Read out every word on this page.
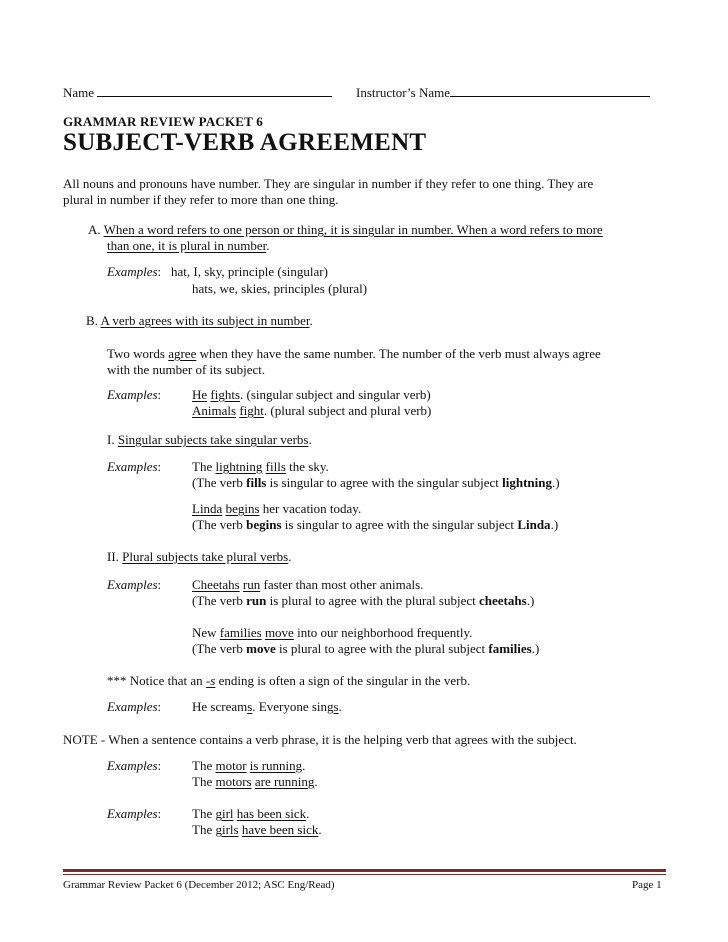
Name	Instructor’s Name
GRAMMAR REVIEW PACKET 6
SUBJECT-VERB AGREEMENT
All nouns and pronouns have number. They are singular in number if they refer to one thing. They are
plural in number if they refer to more than one thing.
A. When a word refers to one person or thing, it is singular in number. When a word refers to more
than one, it is plural in number.
Examples: hat, I, sky, principle (singular)
hats, we, skies, principles (plural)
B. A verb agrees with its subject in number.
Two words agree when they have the same number. The number of the verb must always agree
with the number of its subject.
Examples: He fights. (singular subject and singular verb)
Animals fight. (plural subject and plural verb)
I. Singular subjects take singular verbs.
Examples: The lightning fills the sky.
(The verb fills is singular to agree with the singular subject lightning.)
Linda begins her vacation today.
(The verb begins is singular to agree with the singular subject Linda.)
II. Plural subjects take plural verbs.
Examples: Cheetahs run faster than most other animals.
(The verb run is plural to agree with the plural subject cheetahs.)
New families move into our neighborhood frequently.
(The verb move is plural to agree with the plural subject families.)
*** Notice that an -s ending is often a sign of the singular in the verb.
Examples: He screams. Everyone sings.
NOTE - When a sentence contains a verb phrase, it is the helping verb that agrees with the subject.
Examples: The motor is running.
The motors are running.
Examples: The girl has been sick.
The girls have been sick.
Grammar Review Packet 6 (December 2012; ASC Eng/Read)	Page 1
